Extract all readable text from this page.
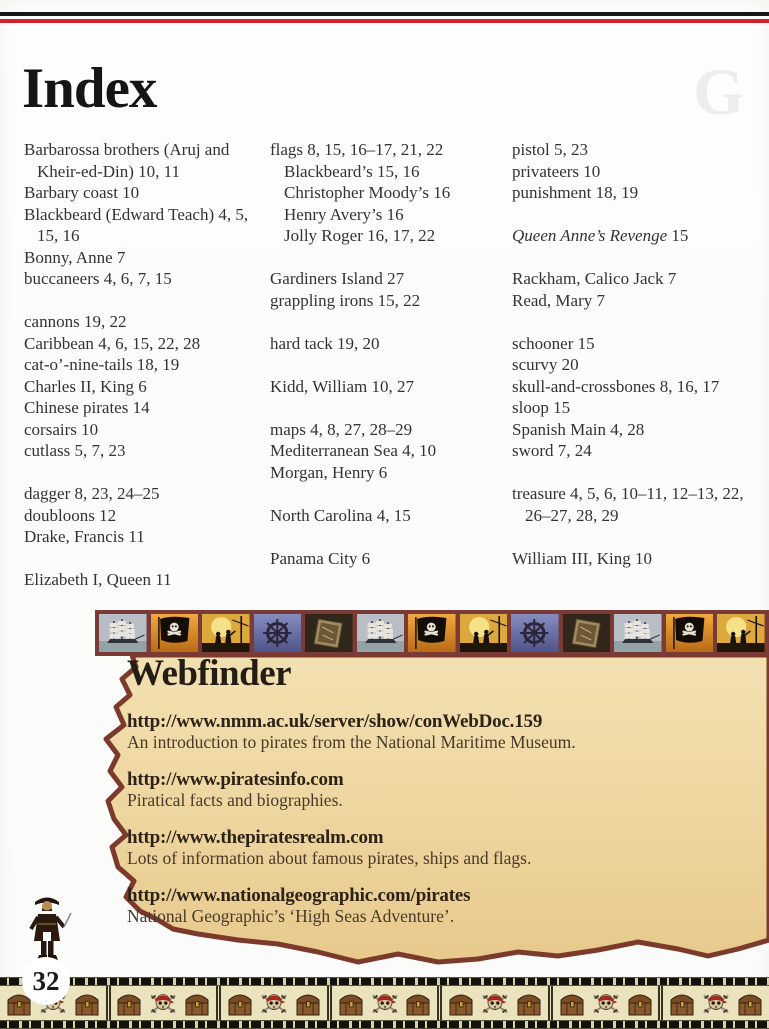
G
Index

Barbarossa brothers (Aruj and Kheir-ed-Din) 10, 11

Barbary coast 10

Blackbeard (Edward Teach) 4, 5, 15, 16

Bonny, Anne 7

buccaneers 4, 6, 7, 15

cannons 19, 22

Caribbean 4, 6, 15, 22, 28

cat-o’-nine-tails 18, 19

Charles II, King 6

Chinese pirates 14

corsairs 10

cutlass 5, 7, 23

dagger 8, 23, 24–25

doubloons 12

Drake, Francis 11

Elizabeth I, Queen 11

flags 8, 15, 16–17, 21, 22

Blackbeard’s 15, 16

Christopher Moody’s 16

Henry Avery’s 16

Jolly Roger 16, 17, 22

Gardiners Island 27

grappling irons 15, 22

hard tack 19, 20

Kidd, William 10, 27

maps 4, 8, 27, 28–29

Mediterranean Sea 4, 10

Morgan, Henry 6

North Carolina 4, 15

Panama City 6

pistol 5, 23

privateers 10

punishment 18, 19

Queen Anne’s Revenge 15

Rackham, Calico Jack 7

Read, Mary 7

schooner 15

scurvy 20

skull-and-crossbones 8, 16, 17

sloop 15

Spanish Main 4, 28

sword 7, 24

treasure 4, 5, 6, 10–11, 12–13, 22, 26–27, 28, 29

William III, King 10

Webfinder

http://www.nmm.ac.uk/server/show/conWebDoc.159

An introduction to pirates from the National Maritime Museum.

http://www.piratesinfo.com

Piratical facts and biographies.

http://www.thepiratesrealm.com

Lots of information about famous pirates, ships and flags.

http://www.nationalgeographic.com/pirates

National Geographic’s ‘High Seas Adventure’.

32
